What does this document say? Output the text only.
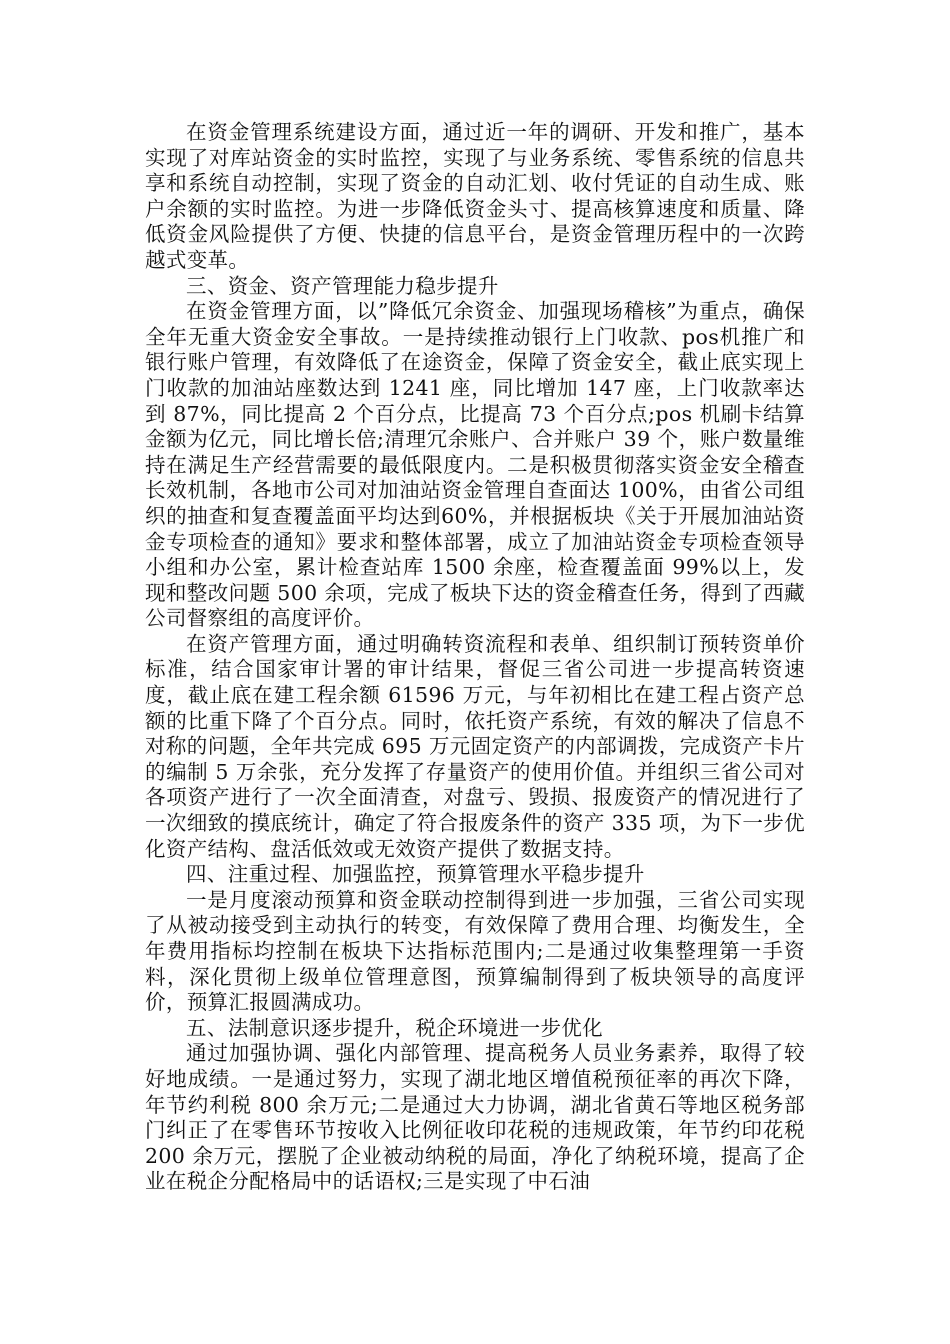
在资金管理系统建设方面，通过近一年的调研、开发和推广，基本实现了对库站资金的实时监控，实现了与业务系统、零售系统的信息共享和系统自动控制，实现了资金的自动汇划、收付凭证的自动生成、账户余额的实时监控。为进一步降低资金头寸、提高核算速度和质量、降低资金风险提供了方便、快捷的信息平台，是资金管理历程中的一次跨越式变革。

三、资金、资产管理能力稳步提升

在资金管理方面，以”降低冗余资金、加强现场稽核”为重点，确保全年无重大资金安全事故。一是持续推动银行上门收款、pos机推广和银行账户管理，有效降低了在途资金，保障了资金安全，截止底实现上门收款的加油站座数达到 1241 座，同比增加 147 座，上门收款率达到 87%，同比提高 2 个百分点，比提高 73 个百分点;pos 机刷卡结算金额为亿元，同比增长倍;清理冗余账户、合并账户 39 个，账户数量维持在满足生产经营需要的最低限度内。二是积极贯彻落实资金安全稽查长效机制，各地市公司对加油站资金管理自查面达 100%，由省公司组织的抽查和复查覆盖面平均达到60%，并根据板块《关于开展加油站资金专项检查的通知》要求和整体部署，成立了加油站资金专项检查领导小组和办公室，累计检查站库 1500 余座，检查覆盖面 99%以上，发现和整改问题 500 余项，完成了板块下达的资金稽查任务，得到了西藏公司督察组的高度评价。

在资产管理方面，通过明确转资流程和表单、组织制订预转资单价标准，结合国家审计署的审计结果，督促三省公司进一步提高转资速度，截止底在建工程余额 61596 万元，与年初相比在建工程占资产总额的比重下降了个百分点。同时，依托资产系统，有效的解决了信息不对称的问题，全年共完成 695 万元固定资产的内部调拨，完成资产卡片的编制 5 万余张，充分发挥了存量资产的使用价值。并组织三省公司对各项资产进行了一次全面清查，对盘亏、毁损、报废资产的情况进行了一次细致的摸底统计，确定了符合报废条件的资产 335 项，为下一步优化资产结构、盘活低效或无效资产提供了数据支持。

四、注重过程、加强监控，预算管理水平稳步提升

一是月度滚动预算和资金联动控制得到进一步加强，三省公司实现了从被动接受到主动执行的转变，有效保障了费用合理、均衡发生，全年费用指标均控制在板块下达指标范围内;二是通过收集整理第一手资料，深化贯彻上级单位管理意图，预算编制得到了板块领导的高度评价，预算汇报圆满成功。

五、法制意识逐步提升，税企环境进一步优化

通过加强协调、强化内部管理、提高税务人员业务素养，取得了较好地成绩。一是通过努力，实现了湖北地区增值税预征率的再次下降，年节约利税 800 余万元;二是通过大力协调，湖北省黄石等地区税务部门纠正了在零售环节按收入比例征收印花税的违规政策，年节约印花税 200 余万元，摆脱了企业被动纳税的局面，净化了纳税环境，提高了企业在税企分配格局中的话语权;三是实现了中石油
